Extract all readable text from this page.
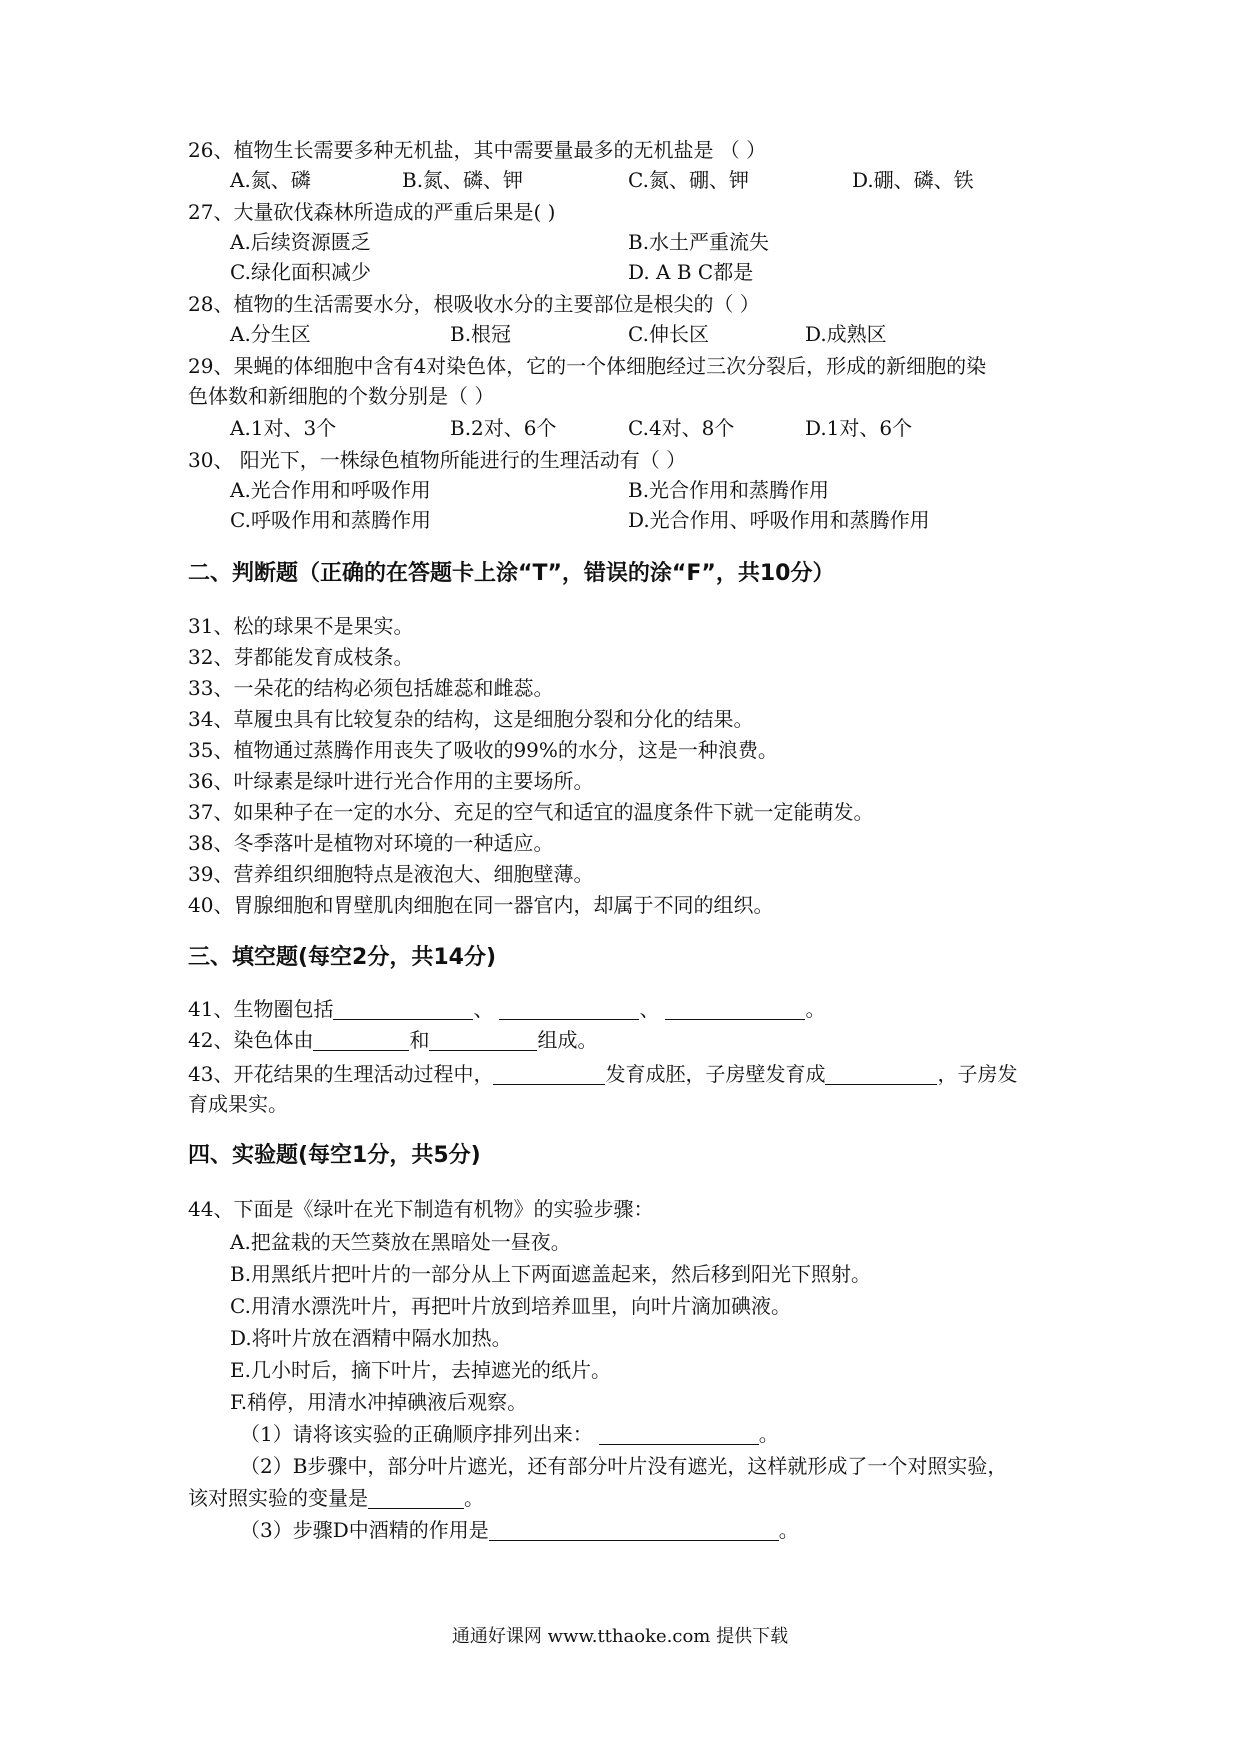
26、植物生长需要多种无机盐，其中需要量最多的无机盐是 （ ）
A.氮、磷	B.氮、磷、钾	C.氮、硼、钾	D.硼、磷、铁
27、大量砍伐森林所造成的严重后果是( )
A.后续资源匮乏	B.水土严重流失
C.绿化面积减少	D. A B C都是
28、植物的生活需要水分，根吸收水分的主要部位是根尖的（ ）
A.分生区	B.根冠	C.伸长区	D.成熟区
29、果蝇的体细胞中含有4对染色体，它的一个体细胞经过三次分裂后，形成的新细胞的染
色体数和新细胞的个数分别是（ ）
A.1对、3个	B.2对、6个	C.4对、8个	D.1对、6个
30、 阳光下，一株绿色植物所能进行的生理活动有（ ）
A.光合作用和呼吸作用	B.光合作用和蒸腾作用
C.呼吸作用和蒸腾作用	D.光合作用、呼吸作用和蒸腾作用
二、判断题（正确的在答题卡上涂“T”，错误的涂“F”，共10分）
31、松的球果不是果实。
32、芽都能发育成枝条。
33、一朵花的结构必须包括雄蕊和雌蕊。
34、草履虫具有比较复杂的结构，这是细胞分裂和分化的结果。
35、植物通过蒸腾作用丧失了吸收的99%的水分，这是一种浪费。
36、叶绿素是绿叶进行光合作用的主要场所。
37、如果种子在一定的水分、充足的空气和适宜的温度条件下就一定能萌发。
38、冬季落叶是植物对环境的一种适应。
39、营养组织细胞特点是液泡大、细胞壁薄。
40、胃腺细胞和胃壁肌肉细胞在同一器官内，却属于不同的组织。
三、填空题(每空2分，共14分)
41、生物圈包括	、	、	。
42、染色体由	和	组成。
43、开花结果的生理活动过程中，	发育成胚，子房壁发育成	，子房发
育成果实。
四、实验题(每空1分，共5分)
44、下面是《绿叶在光下制造有机物》的实验步骤：
A.把盆栽的天竺葵放在黑暗处一昼夜。
B.用黑纸片把叶片的一部分从上下两面遮盖起来，然后移到阳光下照射。
C.用清水漂洗叶片，再把叶片放到培养皿里，向叶片滴加碘液。
D.将叶片放在酒精中隔水加热。
E.几小时后，摘下叶片，去掉遮光的纸片。
F.稍停，用清水冲掉碘液后观察。
（1）请将该实验的正确顺序排列出来：	。
（2）B步骤中，部分叶片遮光，还有部分叶片没有遮光，这样就形成了一个对照实验，
该对照实验的变量是	。
（3）步骤D中酒精的作用是	。
通通好课网 www.tthaoke.com 提供下载
